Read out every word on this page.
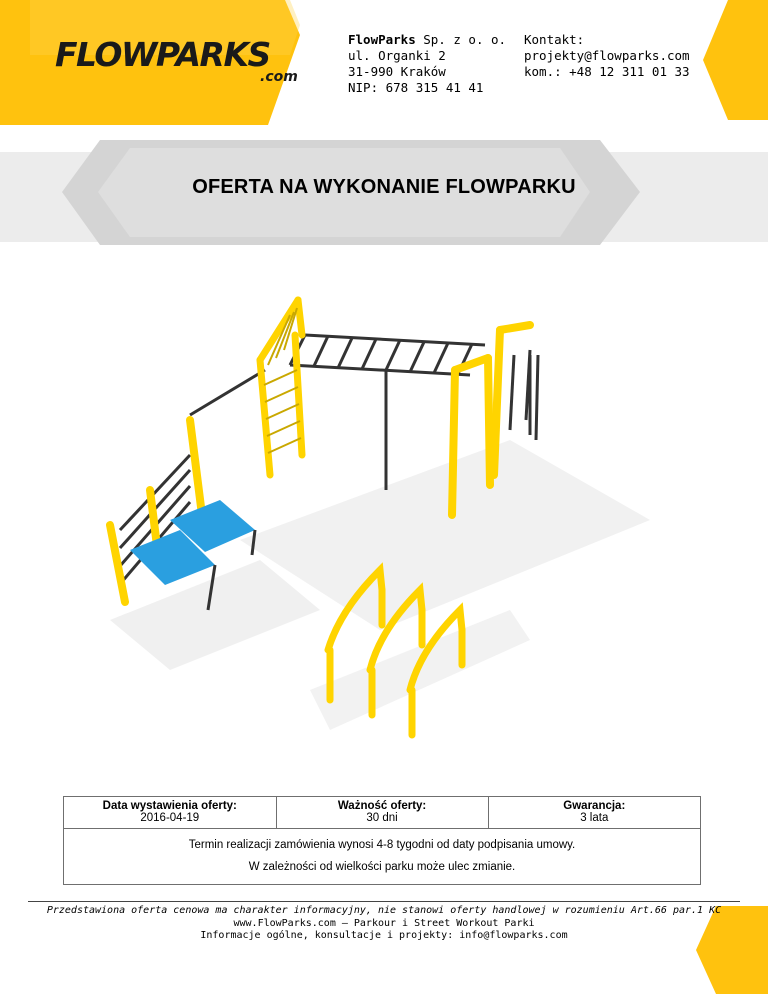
FLOWPARKS
.com
FlowParks Sp. z o. o.
ul. Organki 2
31-990 Kraków
NIP: 678 315 41 41
Kontakt:
projekty@flowparks.com
kom.: +48 12 311 01 33
OFERTA NA WYKONANIE FLOWPARKU
Data wystawienia oferty:
2016-04-19

Ważność oferty:
30 dni

Gwarancja:
3 lata

Termin realizacji zamówienia wynosi 4-8 tygodni od daty podpisania umowy.
W zależności od wielkości parku może ulec zmianie.
Przedstawiona oferta cenowa ma charakter informacyjny, nie stanowi oferty handlowej w rozumieniu Art.66 par.1 KC
www.FlowParks.com – Parkour i Street Workout Parki
Informacje ogólne, konsultacje i projekty: info@flowparks.com
